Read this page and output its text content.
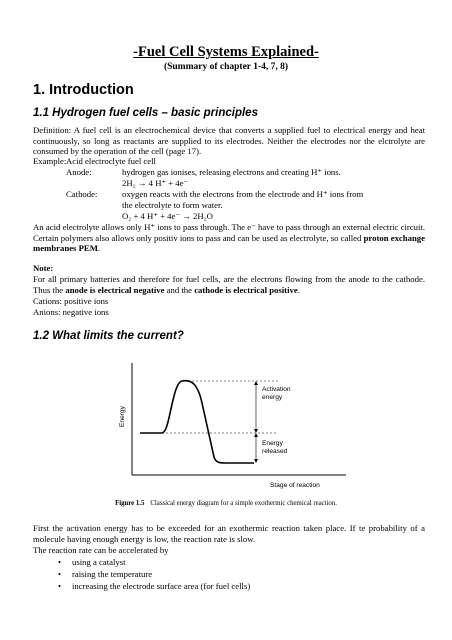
-Fuel Cell Systems Explained-
(Summary of chapter 1-4, 7, 8)
1. Introduction
1.1 Hydrogen fuel cells – basic principles
Definition: A fuel cell is an electrochemical device that converts a supplied fuel to electrical energy and heat continuously, so long as reactants are supplied to its electrodes. Neither the electrodes nor the elctrolyte are consumed by the operation of the cell (page 17).
Example: Acid electroclyte fuel cell
Anode:	hydrogen gas ionises, releasing electrons and creating H⁺ ions.
2H₂ → 4 H⁺ + 4e⁻
Cathode:	oxygen reacts with the electrons from the electrode and H⁺ ions from
the electrolyte to form water.
O₂ + 4 H⁺ + 4e⁻ → 2H₂O
An acid electrolyte allows only H⁺ ions to pass through. The e⁻ have to pass through an external electric circuit. Certain polymers also allows only positiv ions to pass and can be used as electrolyte, so called proton exchange membranes PEM.
Note:
For all primary batteries and therefore for fuel cells, are the electrons flowing from the anode to the cathode. Thus the anode is electrical negative and the cathode is electrical positive.
Cations: positive ions
Anions: negative ions
1.2 What limits the current?
Activation
energy
Energy
released
Stage of reaction
Energy
Figure 1.5 Classical energy diagram for a simple exothermic chemical reaction.
First the activation energy has to be exceeded for an exothermic reaction taken place. If te probability of a molecule having enough energy is low, the reaction rate is slow.
The reaction rate can be accelerated by
• using a catalyst
• raising the temperature
• increasing the electrode surface area (for fuel cells)
